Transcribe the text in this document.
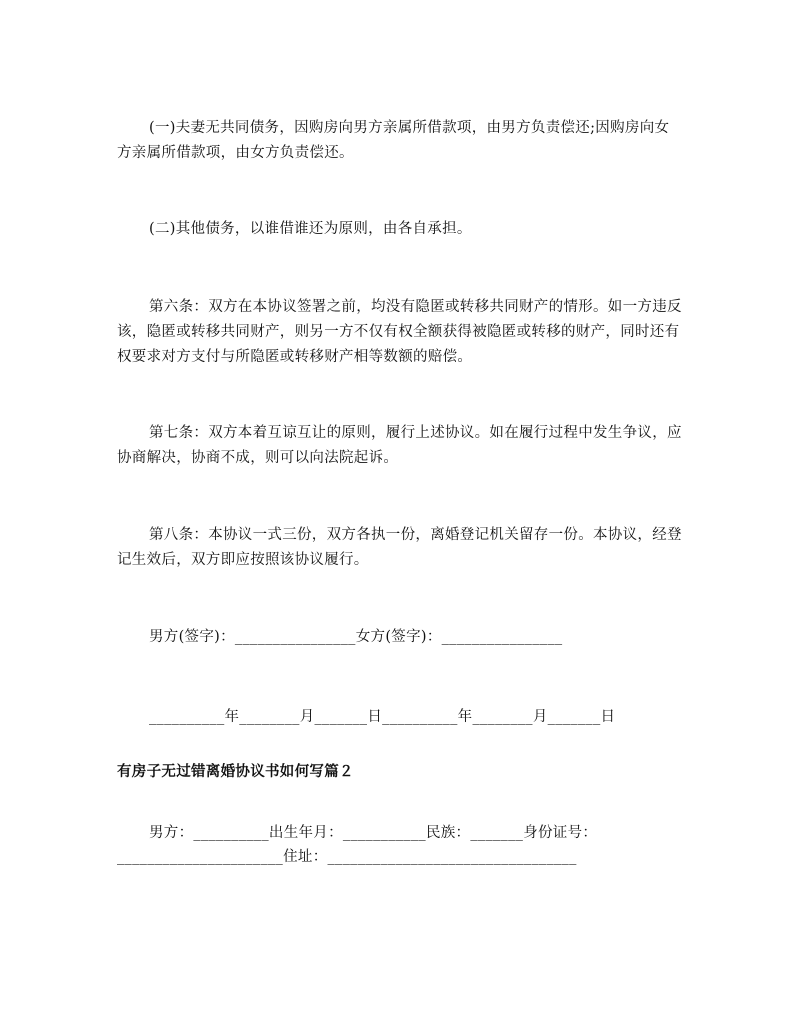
(一)夫妻无共同债务，因购房向男方亲属所借款项，由男方负责偿还;因购房向女方亲属所借款项，由女方负责偿还。

(二)其他债务，以谁借谁还为原则，由各自承担。

第六条：双方在本协议签署之前，均没有隐匿或转移共同财产的情形。如一方违反该，隐匿或转移共同财产，则另一方不仅有权全额获得被隐匿或转移的财产，同时还有权要求对方支付与所隐匿或转移财产相等数额的赔偿。

第七条：双方本着互谅互让的原则，履行上述协议。如在履行过程中发生争议，应协商解决，协商不成，则可以向法院起诉。

第八条：本协议一式三份，双方各执一份，离婚登记机关留存一份。本协议，经登记生效后，双方即应按照该协议履行。

男方(签字)：________________女方(签字)：________________
__________年________月_______日__________年________月_______日
有房子无过错离婚协议书如何写篇２
男方：__________出生年月：___________民族：_______身份证号：
______________________住址：_________________________________
